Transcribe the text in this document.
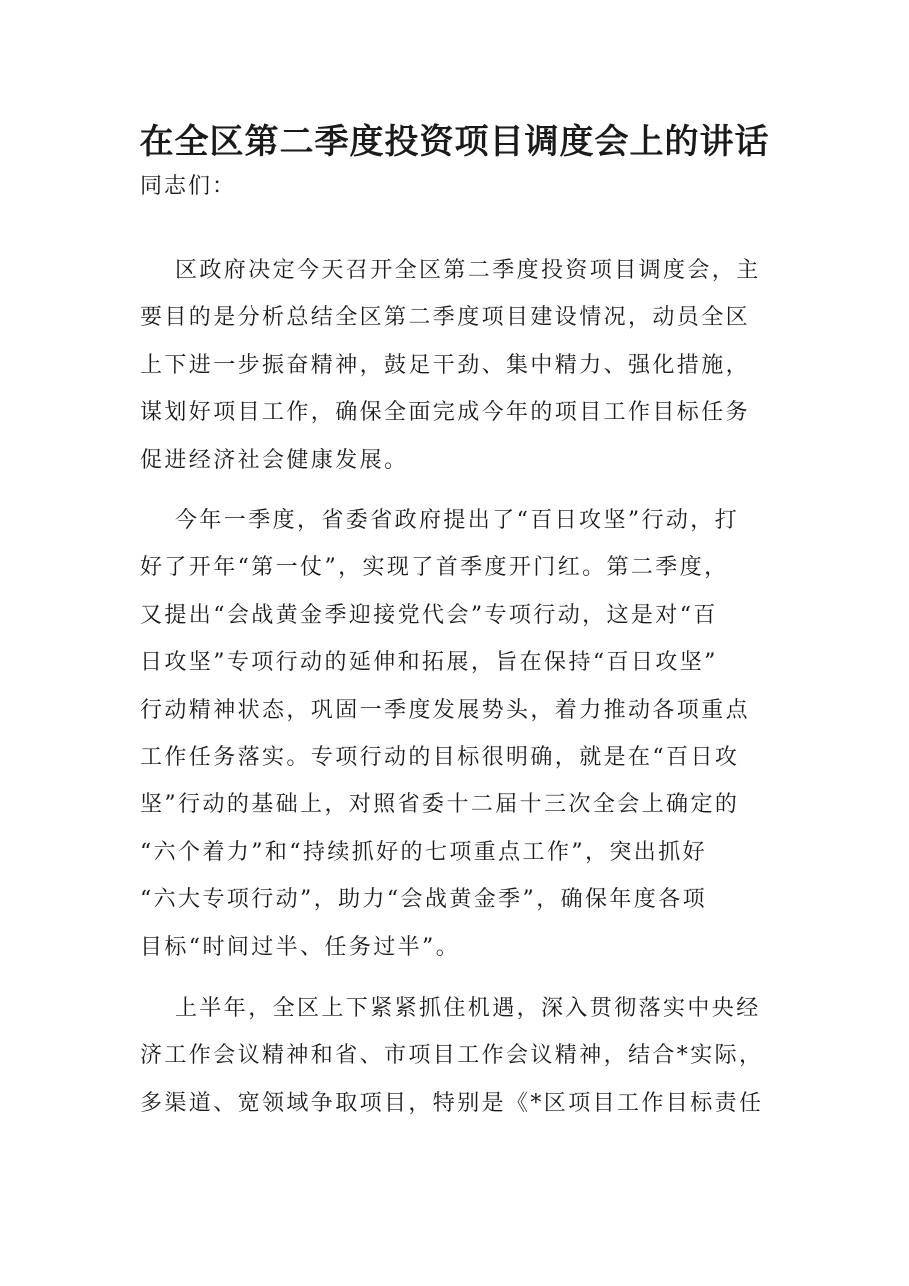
在全区第二季度投资项目调度会上的讲话

同志们：

区政府决定今天召开全区第二季度投资项目调度会，主
要目的是分析总结全区第二季度项目建设情况，动员全区
上下进一步振奋精神，鼓足干劲、集中精力、强化措施，
谋划好项目工作，确保全面完成今年的项目工作目标任务
促进经济社会健康发展。

今年一季度，省委省政府提出了“百日攻坚”行动，打
好了开年“第一仗”，实现了首季度开门红。第二季度，
又提出“会战黄金季迎接党代会”专项行动，这是对“百
日攻坚”专项行动的延伸和拓展，旨在保持“百日攻坚”
行动精神状态，巩固一季度发展势头，着力推动各项重点
工作任务落实。专项行动的目标很明确，就是在“百日攻
坚”行动的基础上，对照省委十二届十三次全会上确定的
“六个着力”和“持续抓好的七项重点工作”，突出抓好
“六大专项行动”，助力“会战黄金季”，确保年度各项
目标“时间过半、任务过半”。

上半年，全区上下紧紧抓住机遇，深入贯彻落实中央经
济工作会议精神和省、市项目工作会议精神，结合*实际，
多渠道、宽领域争取项目，特别是《*区项目工作目标责任
